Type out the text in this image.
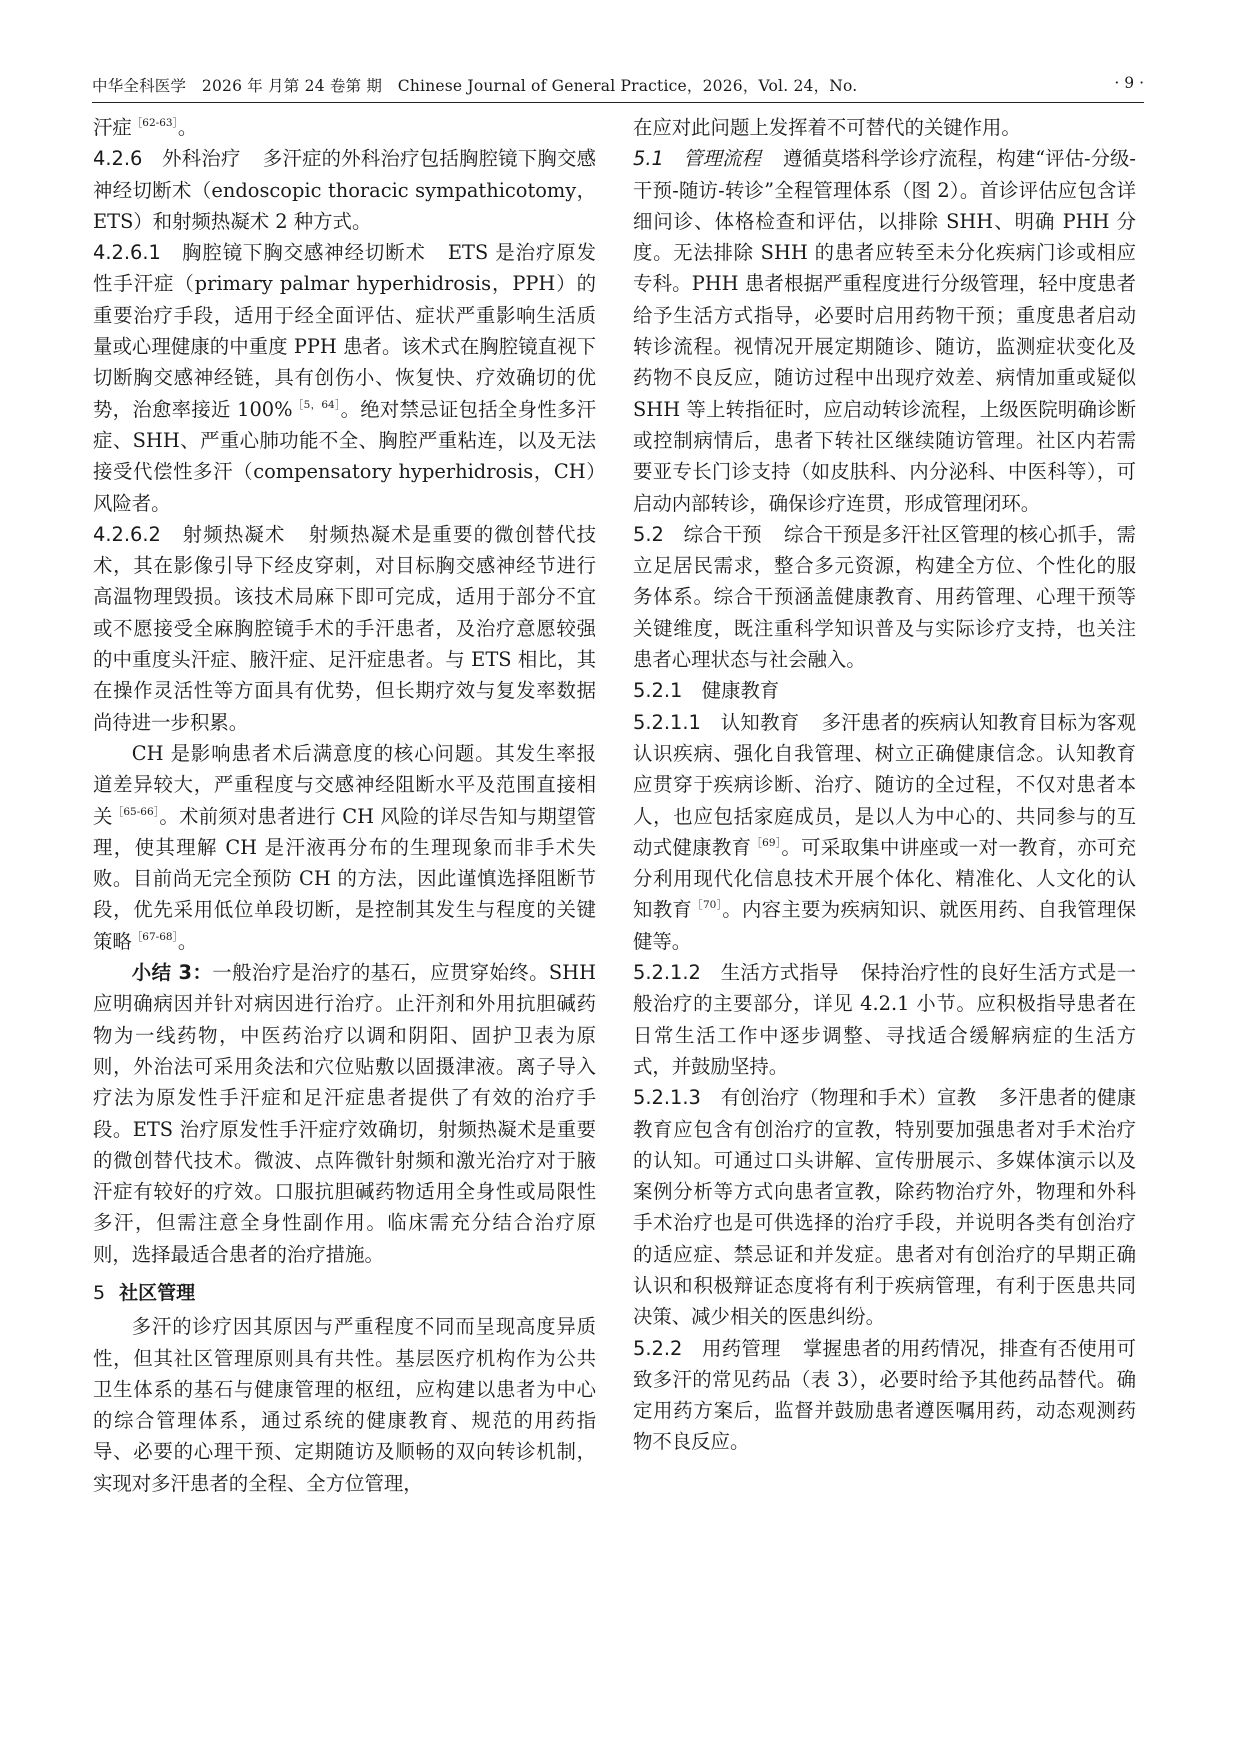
中华全科医学　2026 年 月第 24 卷第 期　Chinese Journal of General Practice，2026，Vol. 24，No.	· 9 ·

汗症$^{[62-63]}$。

4.2.6　外科治疗 多汗症的外科治疗包括胸腔镜下胸交感神经切断术（endoscopic thoracic sympathicotomy，ETS）和射频热凝术 2 种方式。

4.2.6.1　胸腔镜下胸交感神经切断术 ETS 是治疗原发性手汗症（primary palmar hyperhidrosis，PPH）的重要治疗手段，适用于经全面评估、症状严重影响生活质量或心理健康的中重度 PPH 患者。该术式在胸腔镜直视下切断胸交感神经链，具有创伤小、恢复快、疗效确切的优势，治愈率接近 100%$^{[5,64]}$。绝对禁忌证包括全身性多汗症、SHH、严重心肺功能不全、胸腔严重粘连，以及无法接受代偿性多汗（compensatory hyperhidrosis，CH）风险者。

4.2.6.2　射频热凝术 射频热凝术是重要的微创替代技术，其在影像引导下经皮穿刺，对目标胸交感神经节进行高温物理毁损。该技术局麻下即可完成，适用于部分不宜或不愿接受全麻胸腔镜手术的手汗患者，及治疗意愿较强的中重度头汗症、腋汗症、足汗症患者。与 ETS 相比，其在操作灵活性等方面具有优势，但长期疗效与复发率数据尚待进一步积累。

CH 是影响患者术后满意度的核心问题。其发生率报道差异较大，严重程度与交感神经阻断水平及范围直接相关$^{[65-66]}$。术前须对患者进行 CH 风险的详尽告知与期望管理，使其理解 CH 是汗液再分布的生理现象而非手术失败。目前尚无完全预防 CH 的方法，因此谨慎选择阻断节段，优先采用低位单段切断，是控制其发生与程度的关键策略$^{[67-68]}$。

小结 3：一般治疗是治疗的基石，应贯穿始终。SHH 应明确病因并针对病因进行治疗。止汗剂和外用抗胆碱药物为一线药物，中医药治疗以调和阴阳、固护卫表为原则，外治法可采用灸法和穴位贴敷以固摄津液。离子导入疗法为原发性手汗症和足汗症患者提供了有效的治疗手段。ETS 治疗原发性手汗症疗效确切，射频热凝术是重要的微创替代技术。微波、点阵微针射频和激光治疗对于腋汗症有较好的疗效。口服抗胆碱药物适用全身性或局限性多汗，但需注意全身性副作用。临床需充分结合治疗原则，选择最适合患者的治疗措施。

5 社区管理

多汗的诊疗因其原因与严重程度不同而呈现高度异质性，但其社区管理原则具有共性。基层医疗机构作为公共卫生体系的基石与健康管理的枢纽，应构建以患者为中心的综合管理体系，通过系统的健康教育、规范的用药指导、必要的心理干预、定期随访及顺畅的双向转诊机制，实现对多汗患者的全程、全方位管理，

在应对此问题上发挥着不可替代的关键作用。

5.1　管理流程 遵循莫塔科学诊疗流程，构建“评估-分级-干预-随访-转诊”全程管理体系（图 2）。首诊评估应包含详细问诊、体格检查和评估，以排除 SHH、明确 PHH 分度。无法排除 SHH 的患者应转至未分化疾病门诊或相应专科。PHH 患者根据严重程度进行分级管理，轻中度患者给予生活方式指导，必要时启用药物干预；重度患者启动转诊流程。视情况开展定期随诊、随访，监测症状变化及药物不良反应，随访过程中出现疗效差、病情加重或疑似 SHH 等上转指征时，应启动转诊流程，上级医院明确诊断或控制病情后，患者下转社区继续随访管理。社区内若需要亚专长门诊支持（如皮肤科、内分泌科、中医科等），可启动内部转诊，确保诊疗连贯，形成管理闭环。

5.2　综合干预 综合干预是多汗社区管理的核心抓手，需立足居民需求，整合多元资源，构建全方位、个性化的服务体系。综合干预涵盖健康教育、用药管理、心理干预等关键维度，既注重科学知识普及与实际诊疗支持，也关注患者心理状态与社会融入。

5.2.1　健康教育

5.2.1.1　认知教育 多汗患者的疾病认知教育目标为客观认识疾病、强化自我管理、树立正确健康信念。认知教育应贯穿于疾病诊断、治疗、随访的全过程，不仅对患者本人，也应包括家庭成员，是以人为中心的、共同参与的互动式健康教育$^{[69]}$。可采取集中讲座或一对一教育，亦可充分利用现代化信息技术开展个体化、精准化、人文化的认知教育$^{[70]}$。内容主要为疾病知识、就医用药、自我管理保健等。

5.2.1.2　生活方式指导 保持治疗性的良好生活方式是一般治疗的主要部分，详见 4.2.1 小节。应积极指导患者在日常生活工作中逐步调整、寻找适合缓解病症的生活方式，并鼓励坚持。

5.2.1.3　有创治疗（物理和手术）宣教 多汗患者的健康教育应包含有创治疗的宣教，特别要加强患者对手术治疗的认知。可通过口头讲解、宣传册展示、多媒体演示以及案例分析等方式向患者宣教，除药物治疗外，物理和外科手术治疗也是可供选择的治疗手段，并说明各类有创治疗的适应症、禁忌证和并发症。患者对有创治疗的早期正确认识和积极辩证态度将有利于疾病管理，有利于医患共同决策、减少相关的医患纠纷。

5.2.2　用药管理 掌握患者的用药情况，排查有否使用可致多汗的常见药品（表 3），必要时给予其他药品替代。确定用药方案后，监督并鼓励患者遵医嘱用药，动态观测药物不良反应。
